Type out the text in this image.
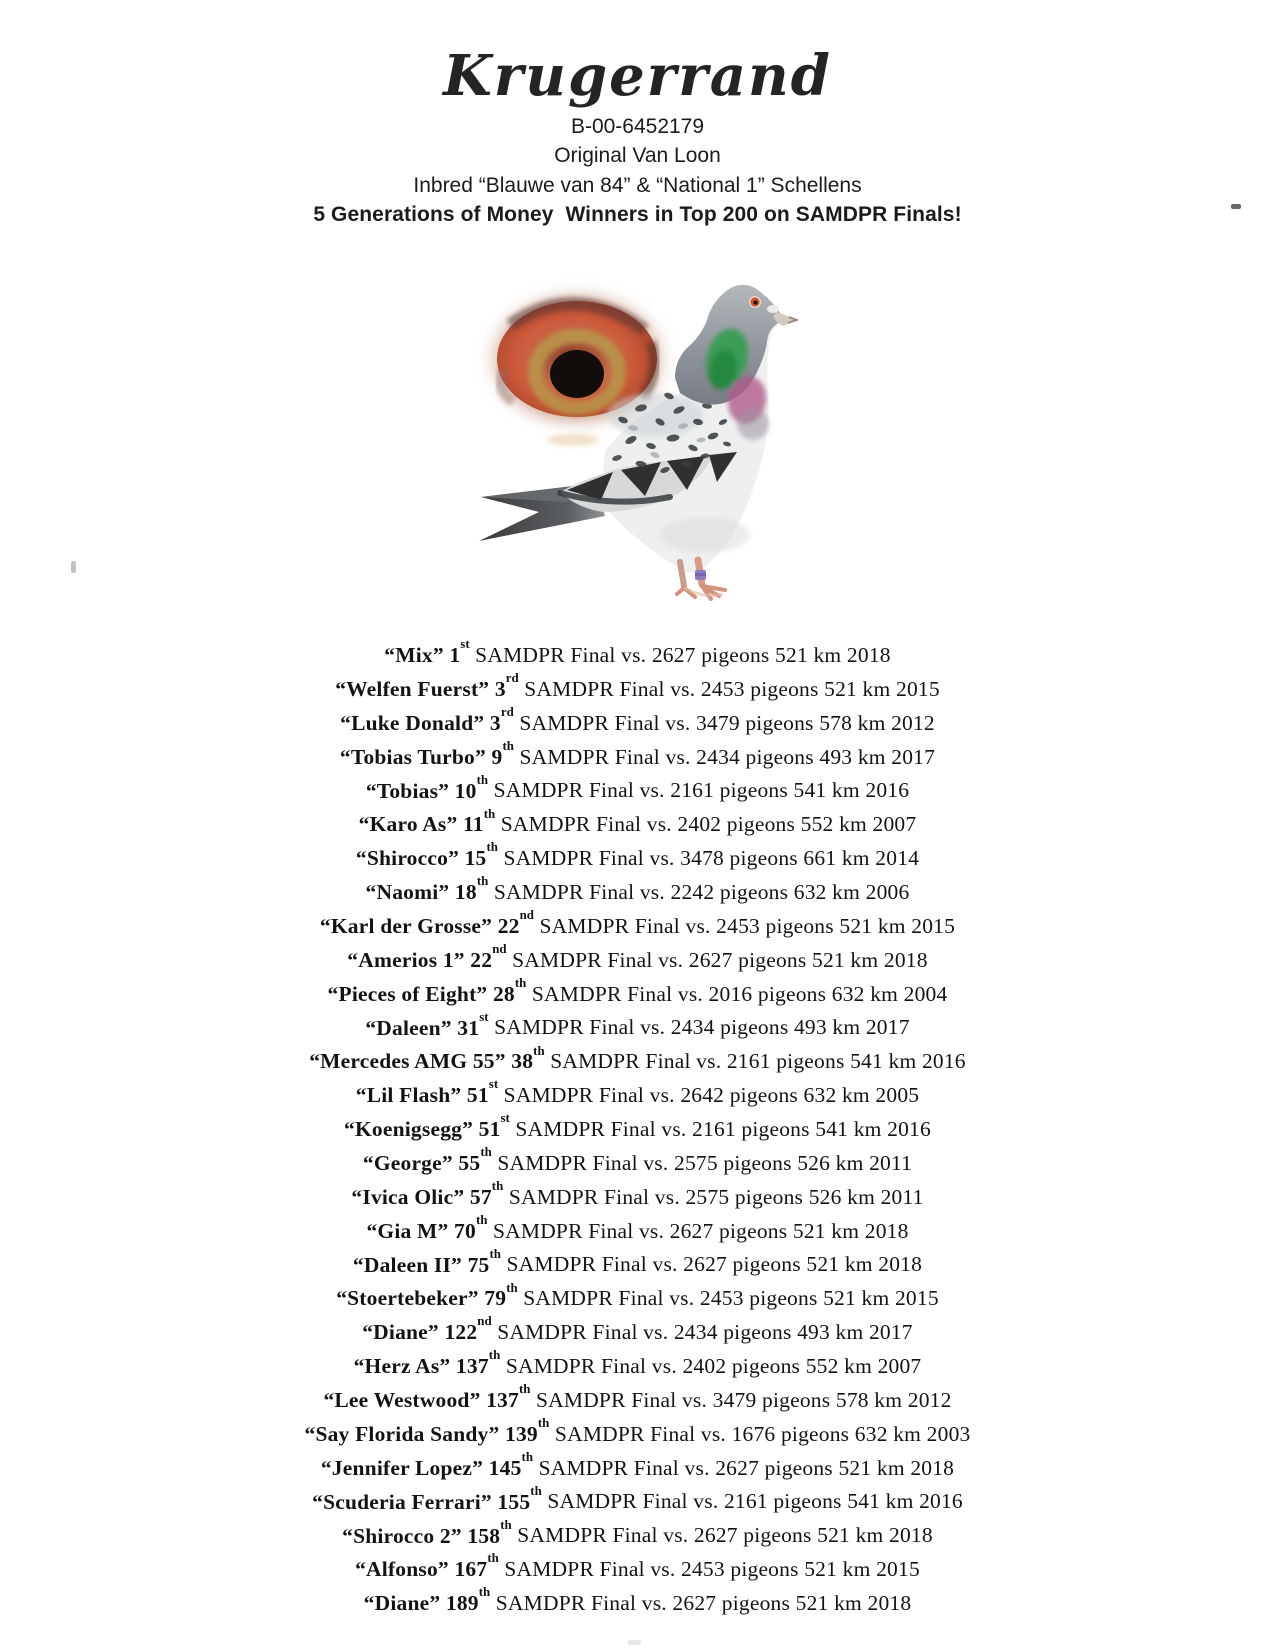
Krugerrand
B-00-6452179
Original Van Loon
Inbred “Blauwe van 84” & “National 1” Schellens
5 Generations of Money  Winners in Top 200 on SAMDPR Finals!
“Mix” 1st SAMDPR Final vs. 2627 pigeons 521 km 2018
“Welfen Fuerst” 3rd SAMDPR Final vs. 2453 pigeons 521 km 2015
“Luke Donald” 3rd SAMDPR Final vs. 3479 pigeons 578 km 2012
“Tobias Turbo” 9th SAMDPR Final vs. 2434 pigeons 493 km 2017
“Tobias” 10th SAMDPR Final vs. 2161 pigeons 541 km 2016
“Karo As” 11th SAMDPR Final vs. 2402 pigeons 552 km 2007
“Shirocco” 15th SAMDPR Final vs. 3478 pigeons 661 km 2014
“Naomi” 18th SAMDPR Final vs. 2242 pigeons 632 km 2006
“Karl der Grosse” 22nd SAMDPR Final vs. 2453 pigeons 521 km 2015
“Amerios 1” 22nd SAMDPR Final vs. 2627 pigeons 521 km 2018
“Pieces of Eight” 28th SAMDPR Final vs. 2016 pigeons 632 km 2004
“Daleen” 31st SAMDPR Final vs. 2434 pigeons 493 km 2017
“Mercedes AMG 55” 38th SAMDPR Final vs. 2161 pigeons 541 km 2016
“Lil Flash” 51st SAMDPR Final vs. 2642 pigeons 632 km 2005
“Koenigsegg” 51st SAMDPR Final vs. 2161 pigeons 541 km 2016
“George” 55th SAMDPR Final vs. 2575 pigeons 526 km 2011
“Ivica Olic” 57th SAMDPR Final vs. 2575 pigeons 526 km 2011
“Gia M” 70th SAMDPR Final vs. 2627 pigeons 521 km 2018
“Daleen II” 75th SAMDPR Final vs. 2627 pigeons 521 km 2018
“Stoertebeker” 79th SAMDPR Final vs. 2453 pigeons 521 km 2015
“Diane” 122nd SAMDPR Final vs. 2434 pigeons 493 km 2017
“Herz As” 137th SAMDPR Final vs. 2402 pigeons 552 km 2007
“Lee Westwood” 137th SAMDPR Final vs. 3479 pigeons 578 km 2012
“Say Florida Sandy” 139th SAMDPR Final vs. 1676 pigeons 632 km 2003
“Jennifer Lopez” 145th SAMDPR Final vs. 2627 pigeons 521 km 2018
“Scuderia Ferrari” 155th SAMDPR Final vs. 2161 pigeons 541 km 2016
“Shirocco 2” 158th SAMDPR Final vs. 2627 pigeons 521 km 2018
“Alfonso” 167th SAMDPR Final vs. 2453 pigeons 521 km 2015
“Diane” 189th SAMDPR Final vs. 2627 pigeons 521 km 2018
